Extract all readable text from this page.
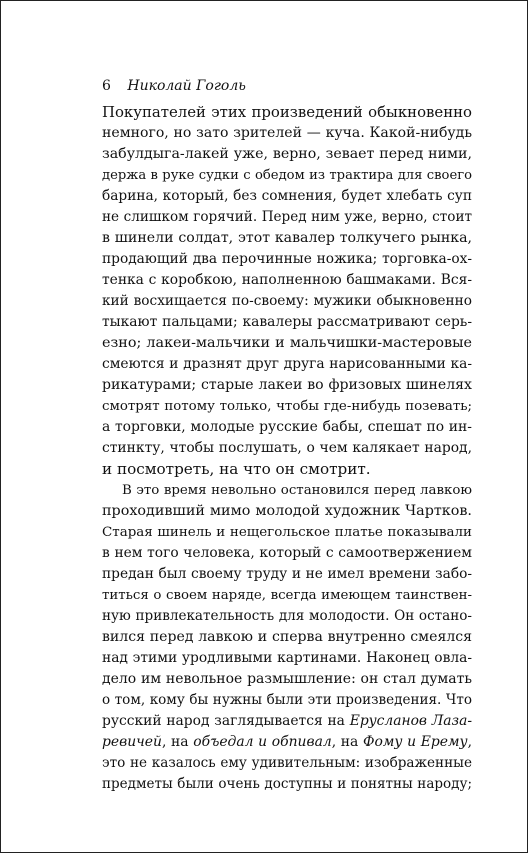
6 Николай Гоголь
Покупателей этих произведений обыкновенно
немного, но зато зрителей — куча. Какой-нибудь
забулдыга-лакей уже, верно, зевает перед ними,
держа в руке судки с обедом из трактира для своего
барина, который, без сомнения, будет хлебать суп
не слишком горячий. Перед ним уже, верно, стоит
в шинели солдат, этот кавалер толкучего рынка,
продающий два перочинные ножика; торговка-ох-
тенка с коробкою, наполненною башмаками. Вся-
кий восхищается по-своему: мужики обыкновенно
тыкают пальцами; кавалеры рассматривают серь-
езно; лакеи-мальчики и мальчишки-мастеровые
смеются и дразнят друг друга нарисованными ка-
рикатурами; старые лакеи во фризовых шинелях
смотрят потому только, чтобы где-нибудь позевать;
а торговки, молодые русские бабы, спешат по ин-
стинкту, чтобы послушать, о чем калякает народ,
и посмотреть, на что он смотрит.
В это время невольно остановился перед лавкою
проходивший мимо молодой художник Чартков.
Старая шинель и нещегольское платье показывали
в нем того человека, который с самоотвержением
предан был своему труду и не имел времени забо-
титься о своем наряде, всегда имеющем таинствен-
ную привлекательность для молодости. Он остано-
вился перед лавкою и сперва внутренно смеялся
над этими уродливыми картинами. Наконец овла-
дело им невольное размышление: он стал думать
о том, кому бы нужны были эти произведения. Что
русский народ заглядывается на Ерусланов Лаза-
ревичей, на объедал и обпивал, на Фому и Ерему,
это не казалось ему удивительным: изображенные
предметы были очень доступны и понятны народу;
